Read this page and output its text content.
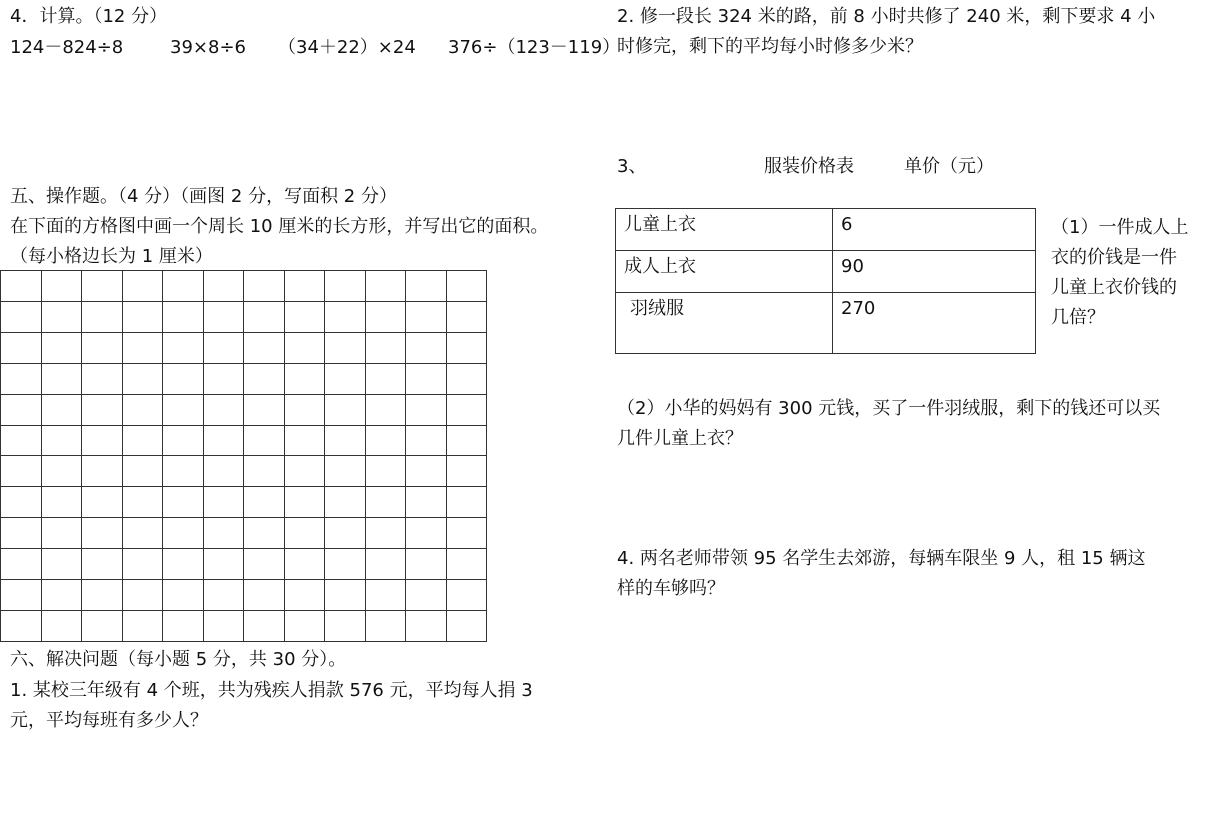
4．计算。（12 分）
124－824÷8	39×8÷6 （34＋22）×24 376÷（123－119）
五、操作题。（4 分）（画图 2 分，写面积 2 分）
在下面的方格图中画一个周长 10 厘米的长方形，并写出它的面积。
（每小格边长为 1 厘米）
六、解决问题（每小题 5 分，共 30 分）。
1. 某校三年级有 4 个班，共为残疾人捐款 576 元，平均每人捐 3
元，平均每班有多少人？
2. 修一段长 324 米的路，前 8 小时共修了 240 米，剩下要求 4 小
时修完，剩下的平均每小时修多少米？
3、	服装价格表	单价（元）
儿童上衣	6
成人上衣	90
羽绒服	270
（1）一件成人上
衣的价钱是一件
儿童上衣价钱的
几倍？
（2）小华的妈妈有 300 元钱，买了一件羽绒服，剩下的钱还可以买
几件儿童上衣？
4. 两名老师带领 95 名学生去郊游，每辆车限坐 9 人，租 15 辆这
样的车够吗？
